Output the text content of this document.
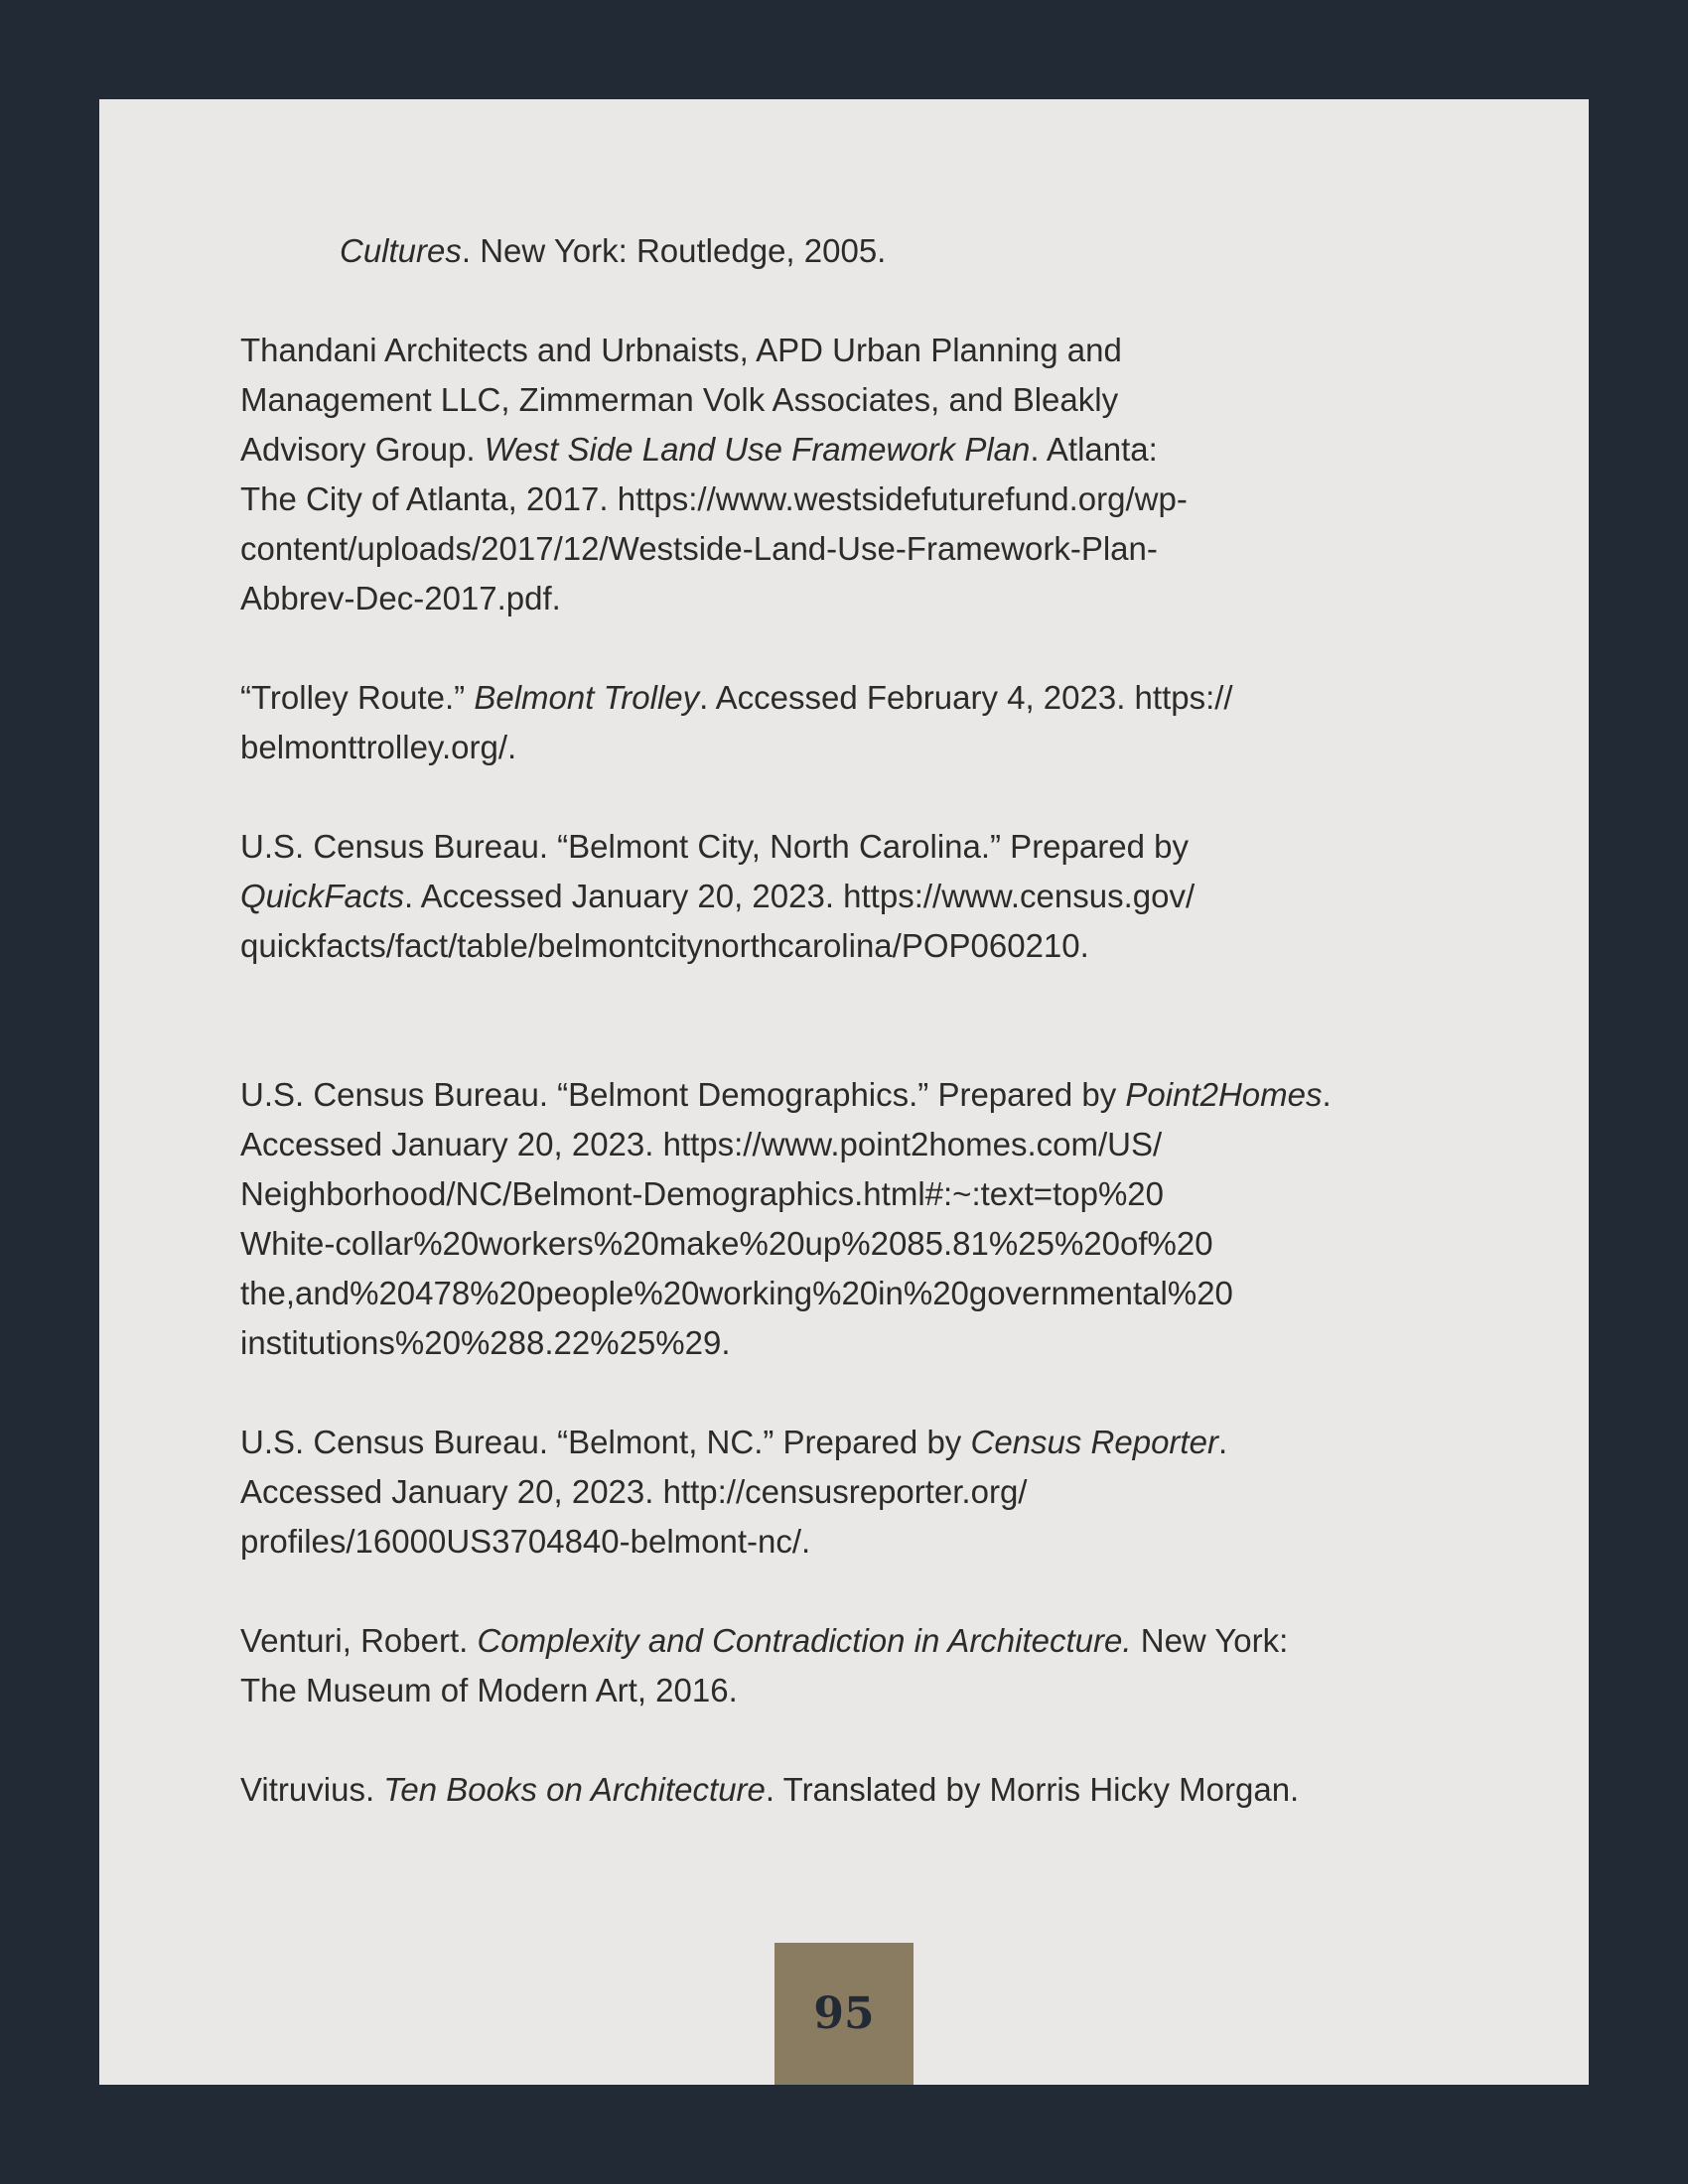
Cultures. New York: Routledge, 2005.
Thandani Architects and Urbnaists, APD Urban Planning and
Management LLC, Zimmerman Volk Associates, and Bleakly
Advisory Group. West Side Land Use Framework Plan. Atlanta:
The City of Atlanta, 2017. https://www.westsidefuturefund.org/wp-
content/uploads/2017/12/Westside-Land-Use-Framework-Plan-
Abbrev-Dec-2017.pdf.
“Trolley Route.” Belmont Trolley. Accessed February 4, 2023. https://
belmonttrolley.org/.
U.S. Census Bureau. “Belmont City, North Carolina.” Prepared by
QuickFacts. Accessed January 20, 2023. https://www.census.gov/
quickfacts/fact/table/belmontcitynorthcarolina/POP060210.
U.S. Census Bureau. “Belmont Demographics.” Prepared by Point2Homes.
Accessed January 20, 2023. https://www.point2homes.com/US/
Neighborhood/NC/Belmont-Demographics.html#:~:text=top%20
White-collar%20workers%20make%20up%2085.81%25%20of%20
the,and%20478%20people%20working%20in%20governmental%20
institutions%20%288.22%25%29.
U.S. Census Bureau. “Belmont, NC.” Prepared by Census Reporter.
Accessed January 20, 2023. http://censusreporter.org/
profiles/16000US3704840-belmont-nc/.
Venturi, Robert. Complexity and Contradiction in Architecture. New York:
The Museum of Modern Art, 2016.
Vitruvius. Ten Books on Architecture. Translated by Morris Hicky Morgan.
95
